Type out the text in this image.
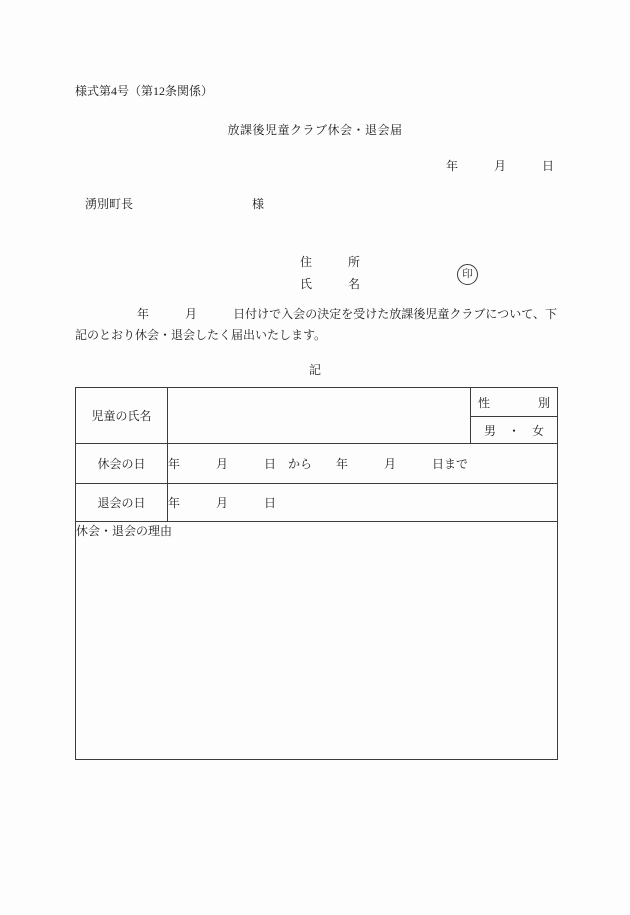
様式第4号（第12条関係）
放課後児童クラブ休会・退会届
年　　　月　　　日
湧別町長	様
住　　　所
氏　　　名
印
年　　　月　　　日付けで入会の決定を受けた放課後児童クラブについて、下記のとおり休会・退会したく届出いたします。
記
児童の氏名		性　　　　別
		男　・　女
休会の日	年　　　月　　　日　から　　年　　　月　　　日まで	
退会の日	年　　　月　　　日	
休会・退会の理由		
